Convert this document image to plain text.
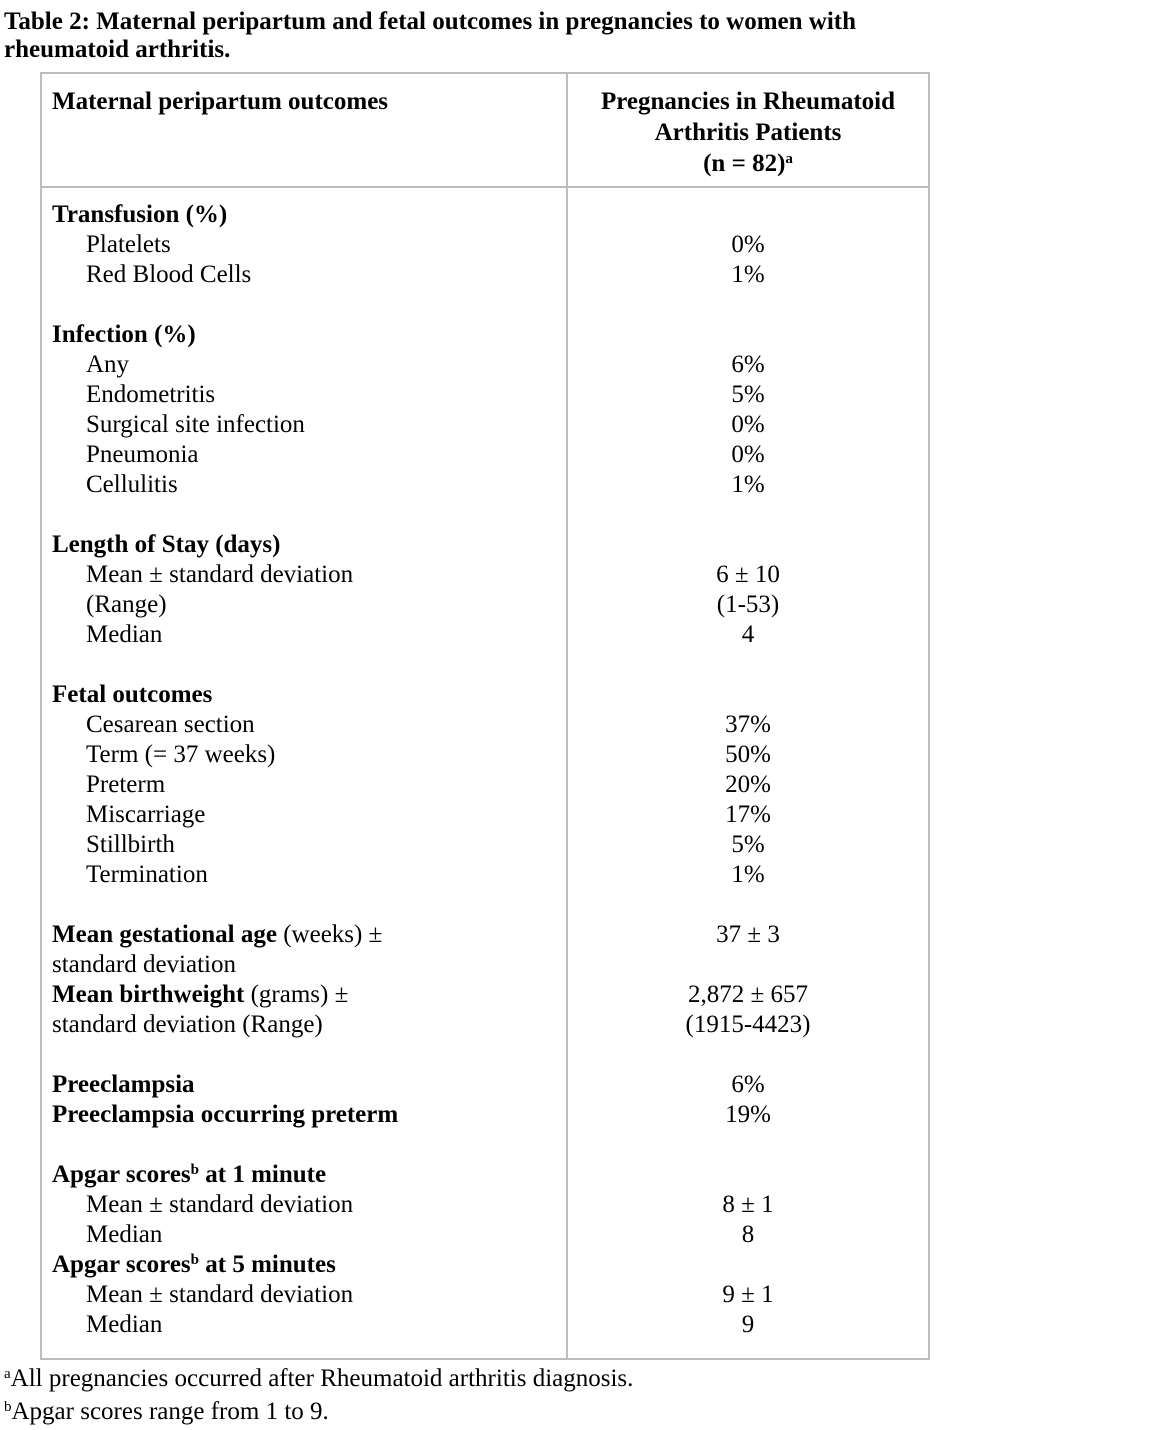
Table 2: Maternal peripartum and fetal outcomes in pregnancies to women with rheumatoid arthritis.
Maternal peripartum outcomes	Pregnancies in Rheumatoid Arthritis Patients
(n = 82)$^a$
Transfusion (%)
Platelets
Red Blood Cells
Infection (%)
Any
Endometritis
Surgical site infection
Pneumonia
Cellulitis
Length of Stay (days)
Mean ± standard deviation
(Range)
Median
Fetal outcomes
Cesarean section
Term (= 37 weeks)
Preterm
Miscarriage
Stillbirth
Termination
Mean gestational age (weeks) ±
standard deviation
Mean birthweight (grams) ±
standard deviation (Range)
Preeclampsia
Preeclampsia occurring preterm
Apgar scores$^b$ at 1 minute
Mean ± standard deviation
Median
Apgar scores$^b$ at 5 minutes
Mean ± standard deviation
Median
0%
1%
6%
5%
0%
0%
1%
6 ± 10
(1-53)
4
37%
50%
20%
17%
5%
1%
37 ± 3
2,872 ± 657
(1915-4423)
6%
19%
8 ± 1
8
9 ± 1
9
$^a$All pregnancies occurred after Rheumatoid arthritis diagnosis.
$^b$Apgar scores range from 1 to 9.
